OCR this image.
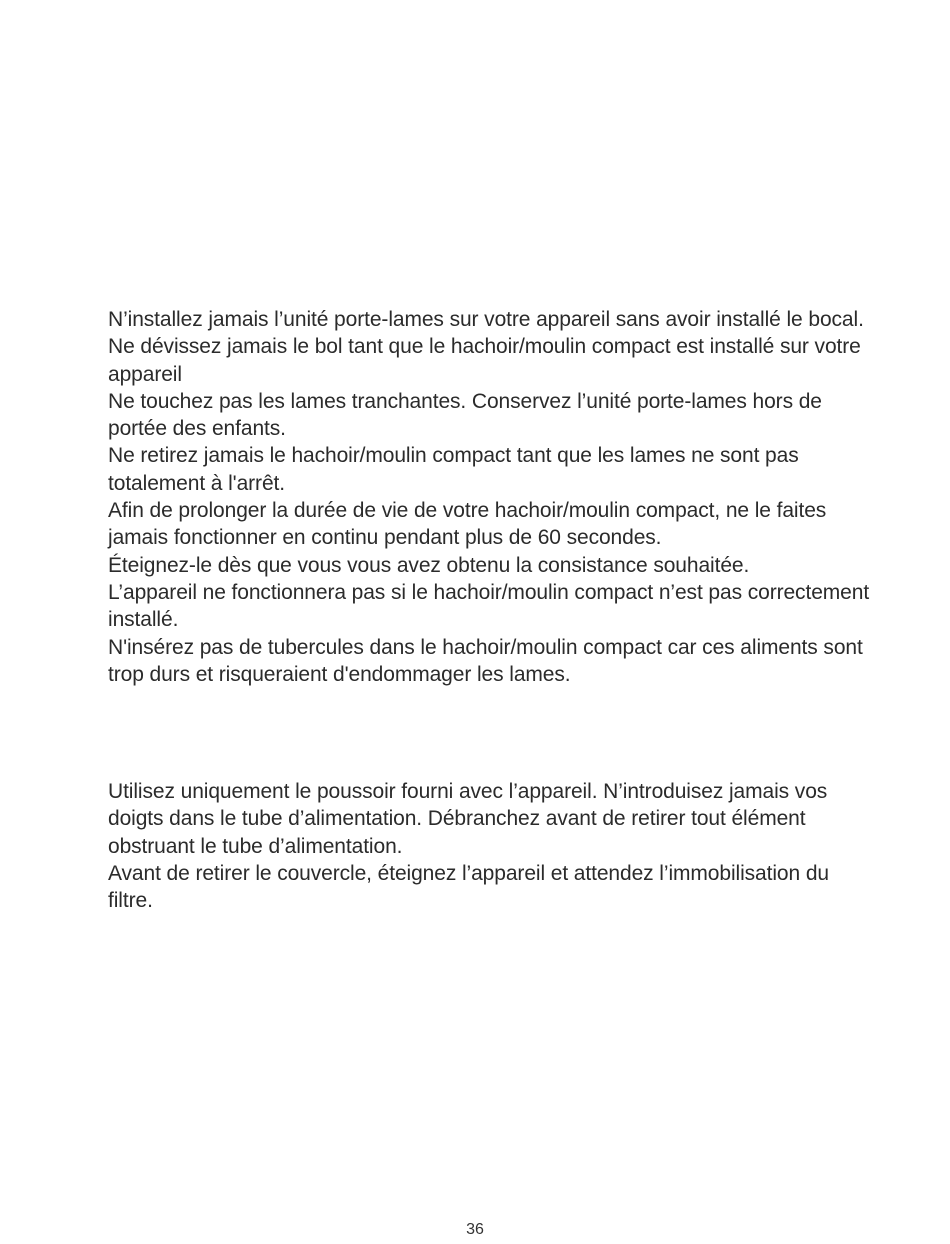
N’installez jamais l’unité porte-lames sur votre appareil sans avoir installé le bocal.

Ne dévissez jamais le bol tant que le hachoir/moulin compact est installé sur votre appareil

Ne touchez pas les lames tranchantes. Conservez l’unité porte-lames hors de portée des enfants.

Ne retirez jamais le hachoir/moulin compact tant que les lames ne sont pas totalement à l'arrêt.

Afin de prolonger la durée de vie de votre hachoir/moulin compact, ne le faites jamais fonctionner en continu pendant plus de 60 secondes.

Éteignez-le dès que vous vous avez obtenu la consistance souhaitée.

L’appareil ne fonctionnera pas si le hachoir/moulin compact n’est pas correctement installé.

N'insérez pas de tubercules dans le hachoir/moulin compact car ces aliments sont trop durs et risqueraient d'endommager les lames.

Utilisez uniquement le poussoir fourni avec l’appareil. N’introduisez jamais vos doigts dans le tube d’alimentation. Débranchez avant de retirer tout élément obstruant le tube d’alimentation.

Avant de retirer le couvercle, éteignez l’appareil et attendez l’immobilisation du filtre.

36
